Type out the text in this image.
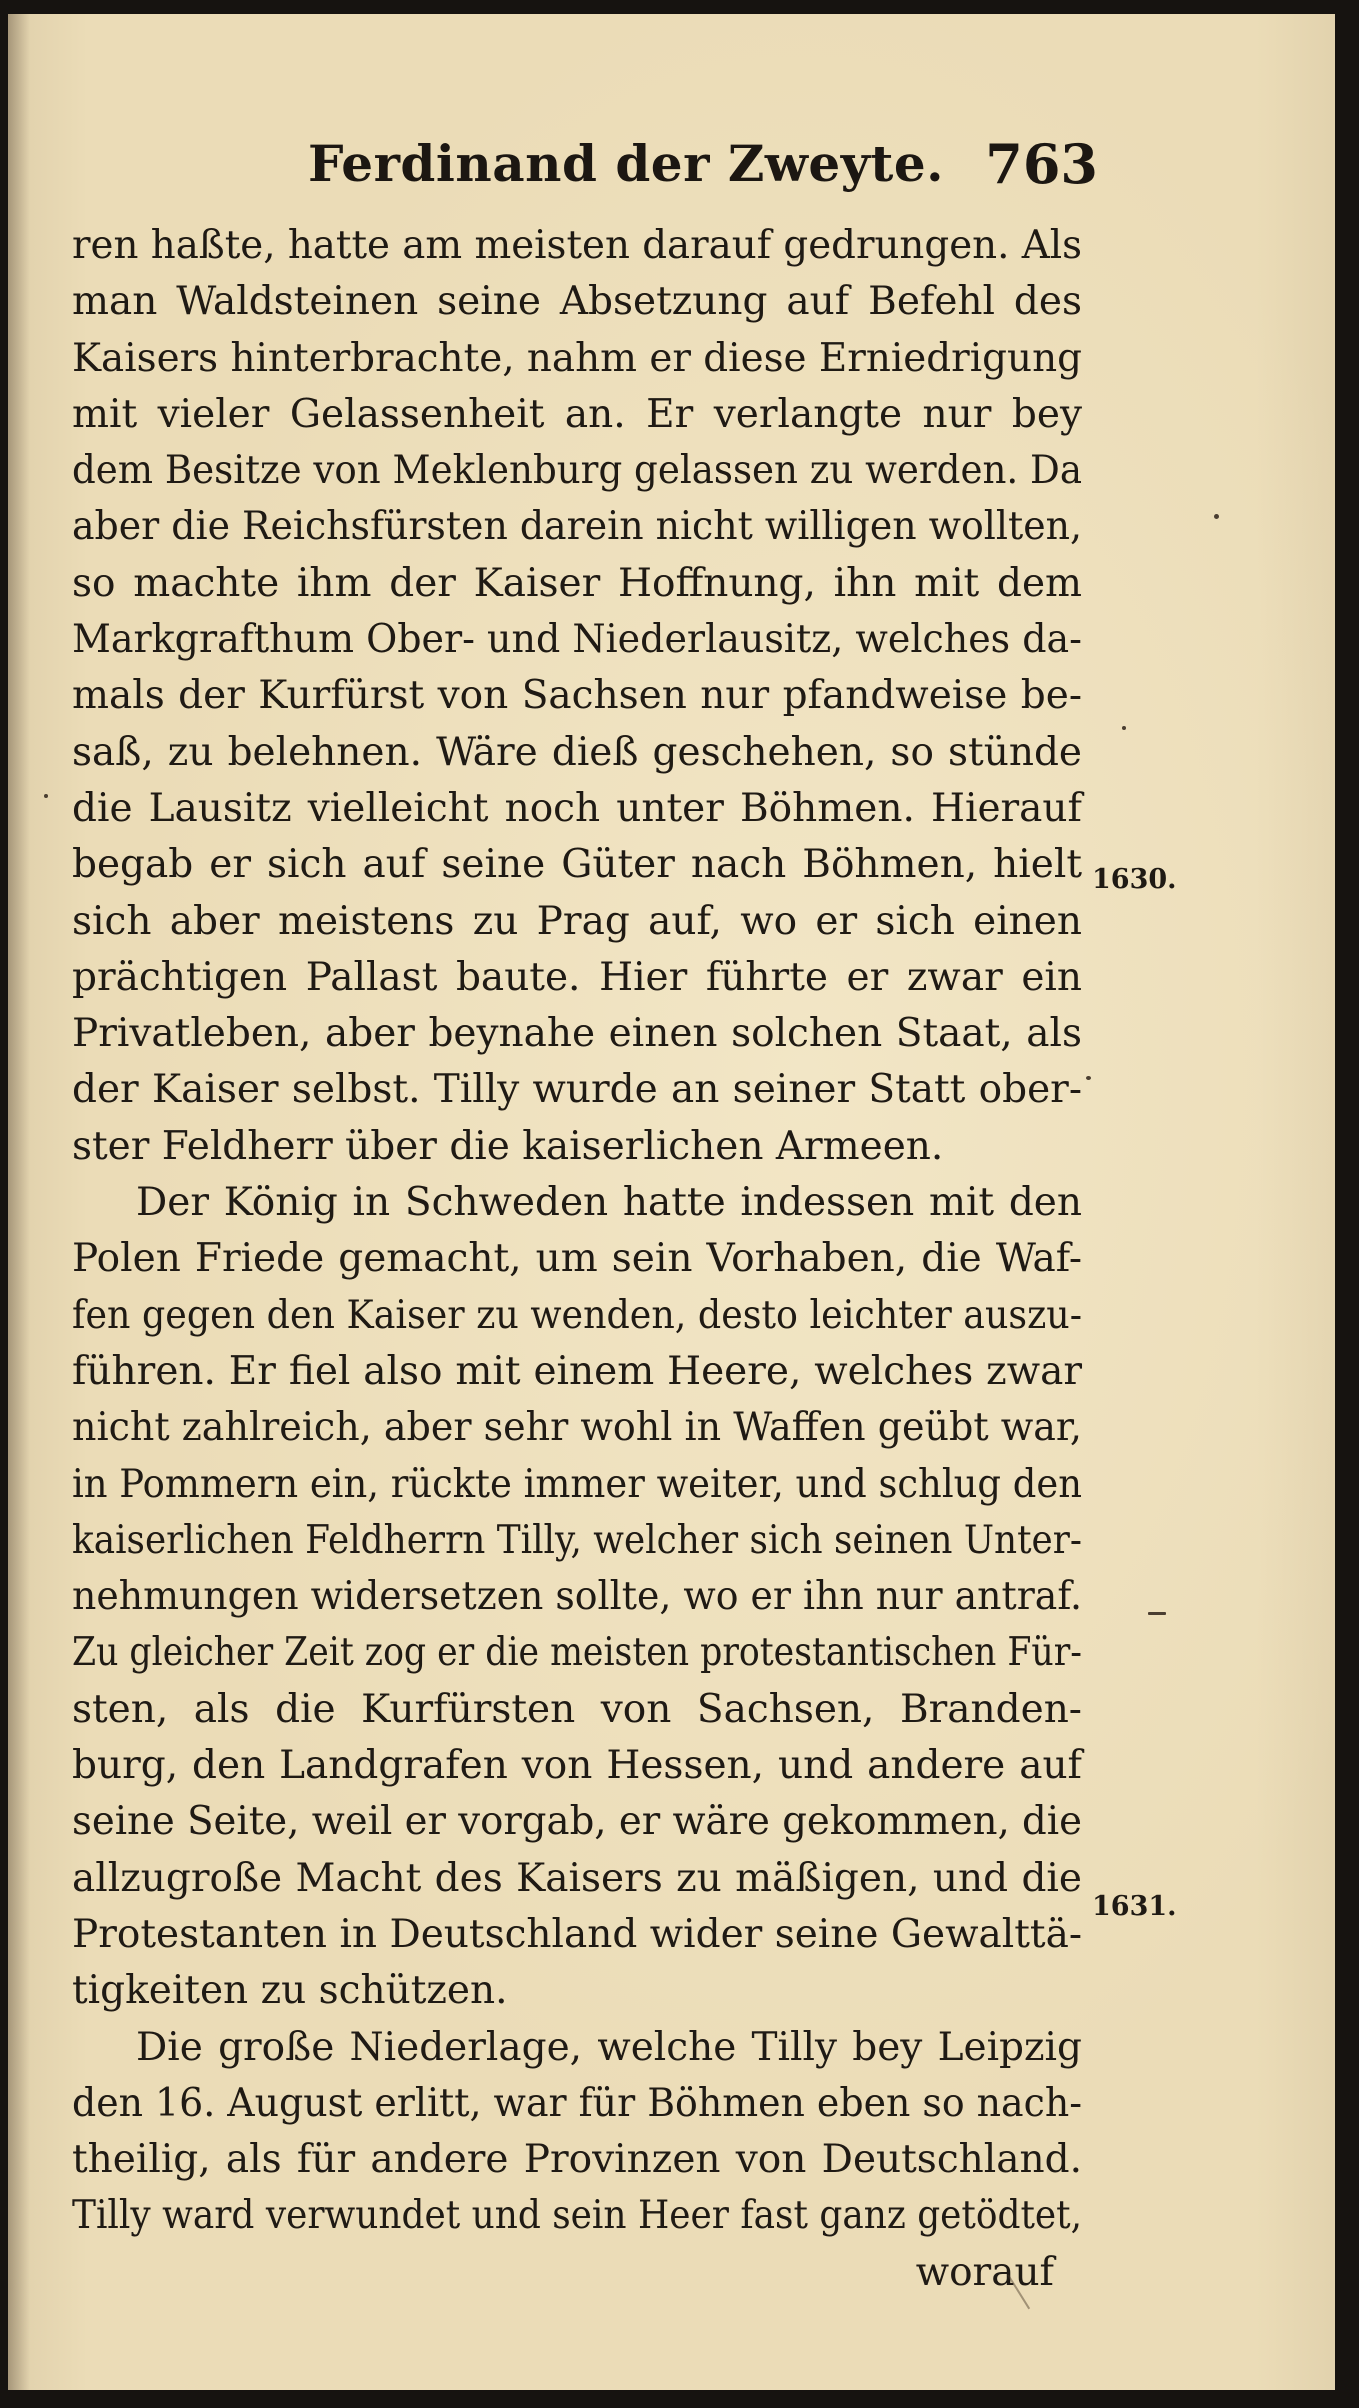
Ferdinand der Zweyte. 763
ren haßte, hatte am meisten darauf gedrungen. Als
man Waldsteinen seine Absetzung auf Befehl des
Kaisers hinterbrachte, nahm er diese Erniedrigung
mit vieler Gelassenheit an. Er verlangte nur bey
dem Besitze von Meklenburg gelassen zu werden. Da
aber die Reichsfürsten darein nicht willigen wollten,
so machte ihm der Kaiser Hoffnung, ihn mit dem
Markgrafthum Ober- und Niederlausitz, welches da-
mals der Kurfürst von Sachsen nur pfandweise be-
saß, zu belehnen. Wäre dieß geschehen, so stünde
die Lausitz vielleicht noch unter Böhmen. Hierauf
begab er sich auf seine Güter nach Böhmen, hielt
sich aber meistens zu Prag auf, wo er sich einen
prächtigen Pallast baute. Hier führte er zwar ein
Privatleben, aber beynahe einen solchen Staat, als
der Kaiser selbst. Tilly wurde an seiner Statt ober-
ster Feldherr über die kaiserlichen Armeen.
Der König in Schweden hatte indessen mit den
Polen Friede gemacht, um sein Vorhaben, die Waf-
fen gegen den Kaiser zu wenden, desto leichter auszu-
führen. Er fiel also mit einem Heere, welches zwar
nicht zahlreich, aber sehr wohl in Waffen geübt war,
in Pommern ein, rückte immer weiter, und schlug den
kaiserlichen Feldherrn Tilly, welcher sich seinen Unter-
nehmungen widersetzen sollte, wo er ihn nur antraf.
Zu gleicher Zeit zog er die meisten protestantischen Für-
sten, als die Kurfürsten von Sachsen, Branden-
burg, den Landgrafen von Hessen, und andere auf
seine Seite, weil er vorgab, er wäre gekommen, die
allzugroße Macht des Kaisers zu mäßigen, und die
Protestanten in Deutschland wider seine Gewalttä-
tigkeiten zu schützen.
Die große Niederlage, welche Tilly bey Leipzig
den 16. August erlitt, war für Böhmen eben so nach-
theilig, als für andere Provinzen von Deutschland.
Tilly ward verwundet und sein Heer fast ganz getödtet,
worauf
1630.
1631.
